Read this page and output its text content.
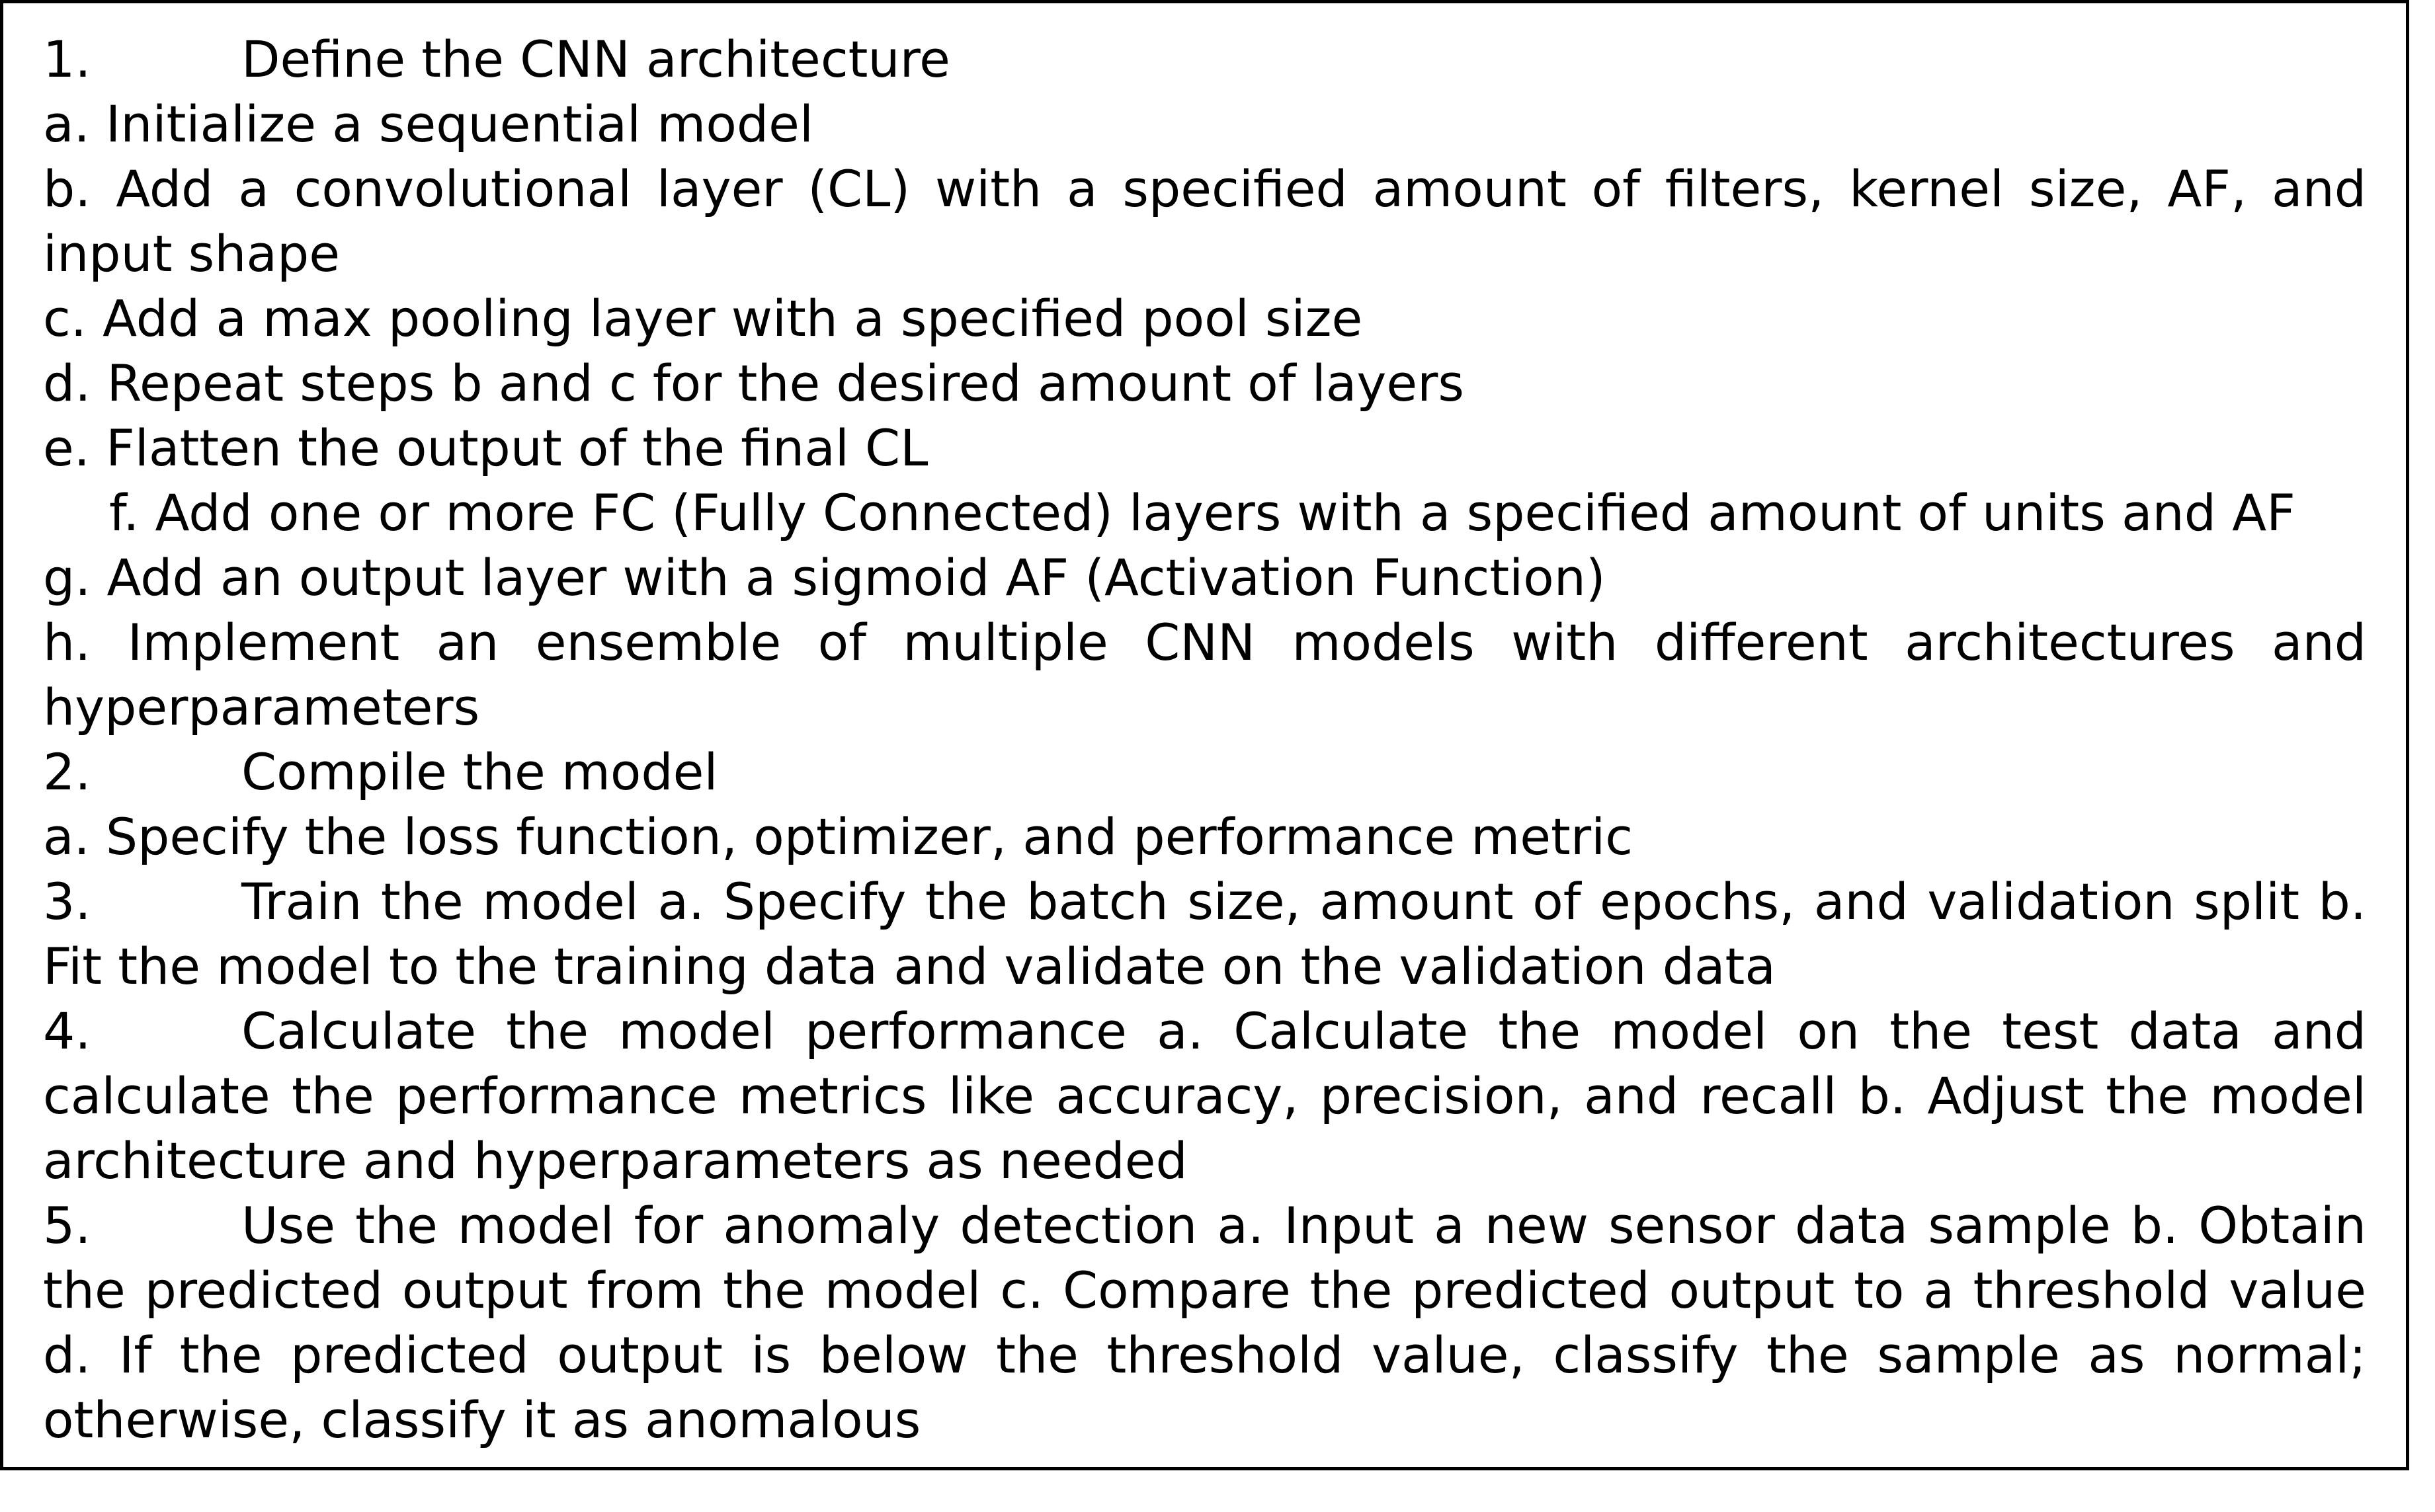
1.	Define the CNN architecture
a. Initialize a sequential model
b. Add a convolutional layer (CL) with a specified amount of filters, kernel size, AF, and input shape
c. Add a max pooling layer with a specified pool size
d. Repeat steps b and c for the desired amount of layers
e. Flatten the output of the final CL
f. Add one or more FC (Fully Connected) layers with a specified amount of units and AF
g. Add an output layer with a sigmoid AF (Activation Function)
h. Implement an ensemble of multiple CNN models with different architectures and hyperparameters
2.	Compile the model
a. Specify the loss function, optimizer, and performance metric
3.	Train the model a. Specify the batch size, amount of epochs, and validation split b. Fit the model to the training data and validate on the validation data
4.	Calculate the model performance a. Calculate the model on the test data and calculate the performance metrics like accuracy, precision, and recall b. Adjust the model architecture and hyperparameters as needed
5.	Use the model for anomaly detection a. Input a new sensor data sample b. Obtain the predicted output from the model c. Compare the predicted output to a threshold value d. If the predicted output is below the threshold value, classify the sample as normal; otherwise, classify it as anomalous
